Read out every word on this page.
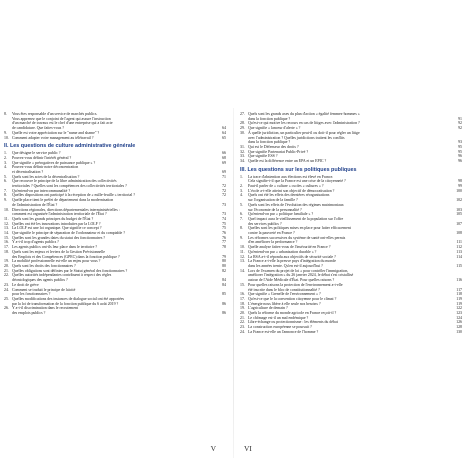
8.	Vous êtes responsable d'un service de marchés publics.
Vous apprenez que le conjoint de l'agent qui assure l'instruction
d'un marché de travaux est le chef d'une entreprise qui a fait acte
de candidature. Que faites-vous ?	64
9.	Quelle est votre appréciation sur le "name and shame" ?	64
10. Comment adapter votre management au télétravail ?	65
II. Les questions de culture administrative générale
1.	Que désigne le service public ?	66
2.	Pouvez-vous définir l'intérêt général ?	68
3.	Que signifie « prérogatives de puissance publique » ?	69
4.	Pouvez-vous définir notre déconcentration
et décentralisation ?	69
5.	Quels sont les actes de la décentralisation ?	71
6.	Que recouvre le principe de la libre administration des collectivités
territoriales ? Quelles sont les compétences des collectivités territoriales ?	72
7.	Qu'entend-on par intercommunalité ?	72
8.	Quelles dispositions ont participé à la réception de « mille-feuille » territorial ?	72
9.	Quelle place tient le préfet de département dans la modernisation
de l'administration de l'État ?	73
10. Directions régionales, directions départementales interministérielles :
comment est organisée l'administration territoriale de l'État ?	73
11. Quels sont les grands principes du budget de l'État ?	74
12. Quelles ont été les innovations introduites par la LOLF ?	75
13. La LOLF est une loi organique. Que signifie ce concept ?	75
14. Que signifie le principe de séparation de l'ordonnateur et du comptable ?	76
15. Quelles sont les grandes dates du statut des fonctionnaires ?	76
16. Y a-t-il trop d'agents publics ?	77
17. Les agents publics ont-ils leur place dans le territoire ?	78
18. Quels sont les enjeux et leviers de la Gestion Prévisionnelle
des Emplois et des Compétences (GPEC) dans la fonction publique ?	79
19. La mobilité professionnelle est-elle un enjeu pour vous ?	80
20. Quels sont les droits des fonctionnaires ?	80
21. Quelles obligations sont définies par le Statut général des fonctionnaires ?	82
22. Quelles autorités indépendantes contribuent à respect des règles
déontologiques des agents publics ?	84
23. Le droit de grève	84
24. Comment se traduit le principe de laïcité
pour les fonctionnaires ?	85
25. Quelles modifications des instances de dialogue social ont été apportées
par la loi de transformation de la fonction publique du 6 août 2019 ?	86
26. Y a-t-il discrimination dans le recrutement
des emplois publics ?	86
V
27. Quels sont les grands axes du plan d'action « égalité femmes-hommes »
dans la fonction publique ?	91
28. Qu'est-ce qui motive les recours en cas de litiges avec l'administration ?	92
29. Que signifie « lanceur d'alerte » ?	92
30. À quelle juridiction, un particulier peut-il ou doit-il pour régler un litige
avec l'administration ? Quelles juridictions traitent les conflits
dans la fonction publique ?	93
31. Qui est le Défenseur des droits ?	95
32. Que signifie Partenariat Public-Privé ?	95
33. Que signifie ESS ?	96
34. Quelle est la différence entre un EPA et un EPIC ?	96
III. Les questions sur les politiques publiques
1.	La trace d'abstention aux élections est élevé en France.
Cela signifie-t-il que la France est une crise de la citoyenneté ?	98
2.	Faut-il parler de « culture » ou des « cultures » ?	99
3.	L'école a-t-elle atteint son objectif de démocratisation ?	100
4.	Quels ont été les effets des dernières réorganisations
sur l'organisation de la famille ?	102
5.	Quels sont les effets de l'évolution des régimes matrimoniaux
sur l'économie de la personnalité ?	103
6.	Qu'entend-on par « politique familiale » ?	105
7.	Quel impact aura le vieillissement de la population sur l'offre
des services publics ?	107
8.	Quelles sont les politiques mises en place pour lutter efficacement
contre la pauvreté en France ?	108
9.	Les réformes successives du système de santé ont-elles permis
d'en améliorer la performance ?	111
10. Quelle analyse faites-vous de l'insécurité en France ?	112
11. Qu'entend-on par « urbanisation durable » ?	113
12. La RSA a-t-il répondu aux objectifs de sécurité sociale ?	114
13. La France a-t-elle la preuve pays d'intégration du monde
dans les années trente. Qu'en est-il aujourd'hui ?	115
14. Lors de l'examen du projet de loi « pour contrôler l'immigration,
améliorer l'intégration » du 26 janvier 2024, le débat s'est cristallisé
autour de l'Aide Médicale d'État. Pour quelles raisons ?	116
15. Pour quelles raisons la protection de l'environnement a-t-elle
été inscrite dans le bloc de constitutionnalité ?	117
16. Que signifie « Grenelle de l'environnement » ?	118
17. Qu'est-ce que le la convention citoyenne pour le climat ?	119
18. L'énergie nous libère à elle seule nos besoins ?	119
19. L'agriculture de demain ?	122
20. Quels la réforme du monde agricole en France reçoit-il ?	123
21. Le chômage est-il un mal endémique ?	124
22. Libre-échange ou protectionnisme : les éléments du débat	126
23. La construction européenne se poursuit ?	128
24. La France est-elle un l'annonce de l'homme ?	130
VI
